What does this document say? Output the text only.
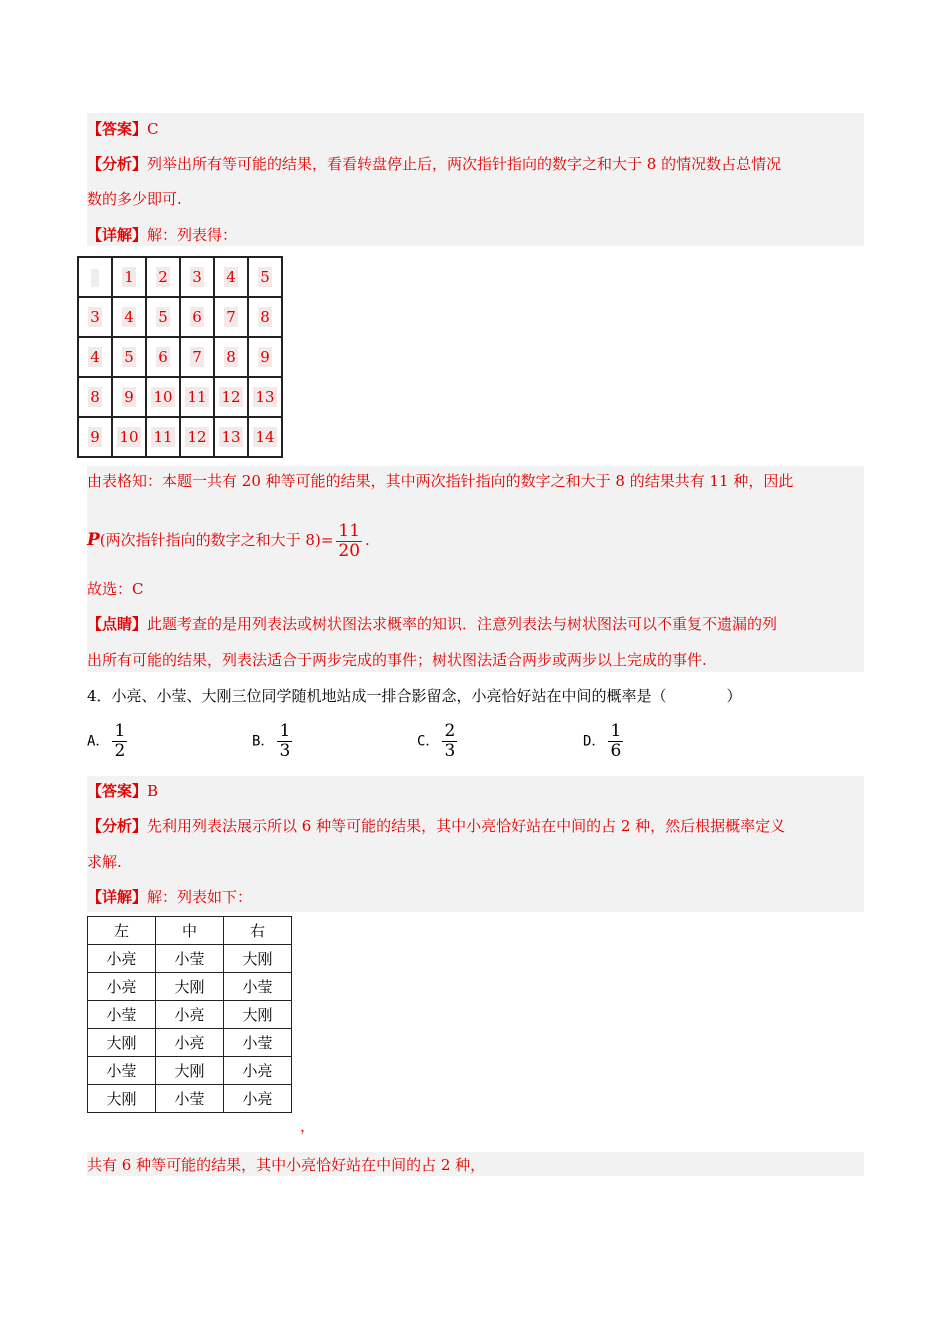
【答案】C
【分析】列举出所有等可能的结果，看看转盘停止后，两次指针指向的数字之和大于 8 的情况数占总情况
数的多少即可.
【详解】解：列表得：
	1	2	3	4	5
3	4	5	6	7	8
4	5	6	7	8	9
8	9	10	11	12	13
9	10	11	12	13	14
由表格知：本题一共有 20 种等可能的结果，其中两次指针指向的数字之和大于 8 的结果共有 11 种，因此
P(两次指针指向的数字之和大于 $8)= \frac{11}{20}$ .
故选：C
【点睛】此题考查的是用列表法或树状图法求概率的知识．注意列表法与树状图法可以不重复不遗漏的列
出所有可能的结果，列表法适合于两步完成的事件；树状图法适合两步或两步以上完成的事件.
4．小亮、小莹、大刚三位同学随机地站成一排合影留念，小亮恰好站在中间的概率是（　　　　）
A． $\frac{1}{2}$	B． $\frac{1}{3}$	C． $\frac{2}{3}$	D． $\frac{1}{6}$
【答案】B
【分析】先利用列表法展示所以 6 种等可能的结果，其中小亮恰好站在中间的占 2 种，然后根据概率定义
求解.
【详解】解：列表如下：
左	中	右
小亮	小莹	大刚
小亮	大刚	小莹
小莹	小亮	大刚
大刚	小亮	小莹
小莹	大刚	小亮
大刚	小莹	小亮
，
共有 6 种等可能的结果，其中小亮恰好站在中间的占 2 种，
